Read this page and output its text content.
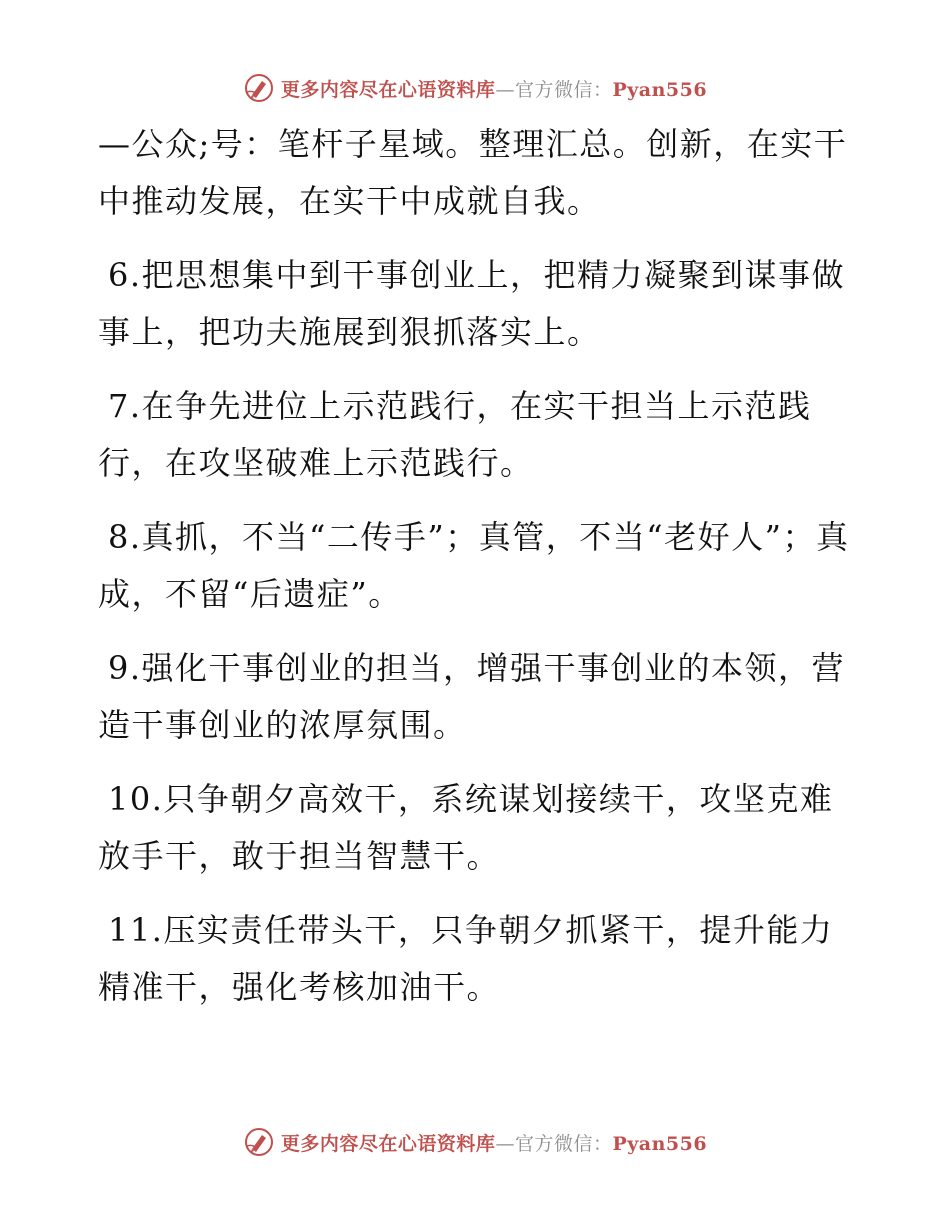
更多内容尽在心语资料库—官方微信：Pyan556

—公众;号：笔杆子星域。整理汇总。创新，在实干中推动发展，在实干中成就自我。

6.把思想集中到干事创业上，把精力凝聚到谋事做事上，把功夫施展到狠抓落实上。

7.在争先进位上示范践行，在实干担当上示范践行，在攻坚破难上示范践行。

8.真抓，不当“二传手”；真管，不当“老好人”；真成，不留“后遗症”。

9.强化干事创业的担当，增强干事创业的本领，营造干事创业的浓厚氛围。

10.只争朝夕高效干，系统谋划接续干，攻坚克难放手干，敢于担当智慧干。

11.压实责任带头干，只争朝夕抓紧干，提升能力精准干，强化考核加油干。

更多内容尽在心语资料库—官方微信：Pyan556
